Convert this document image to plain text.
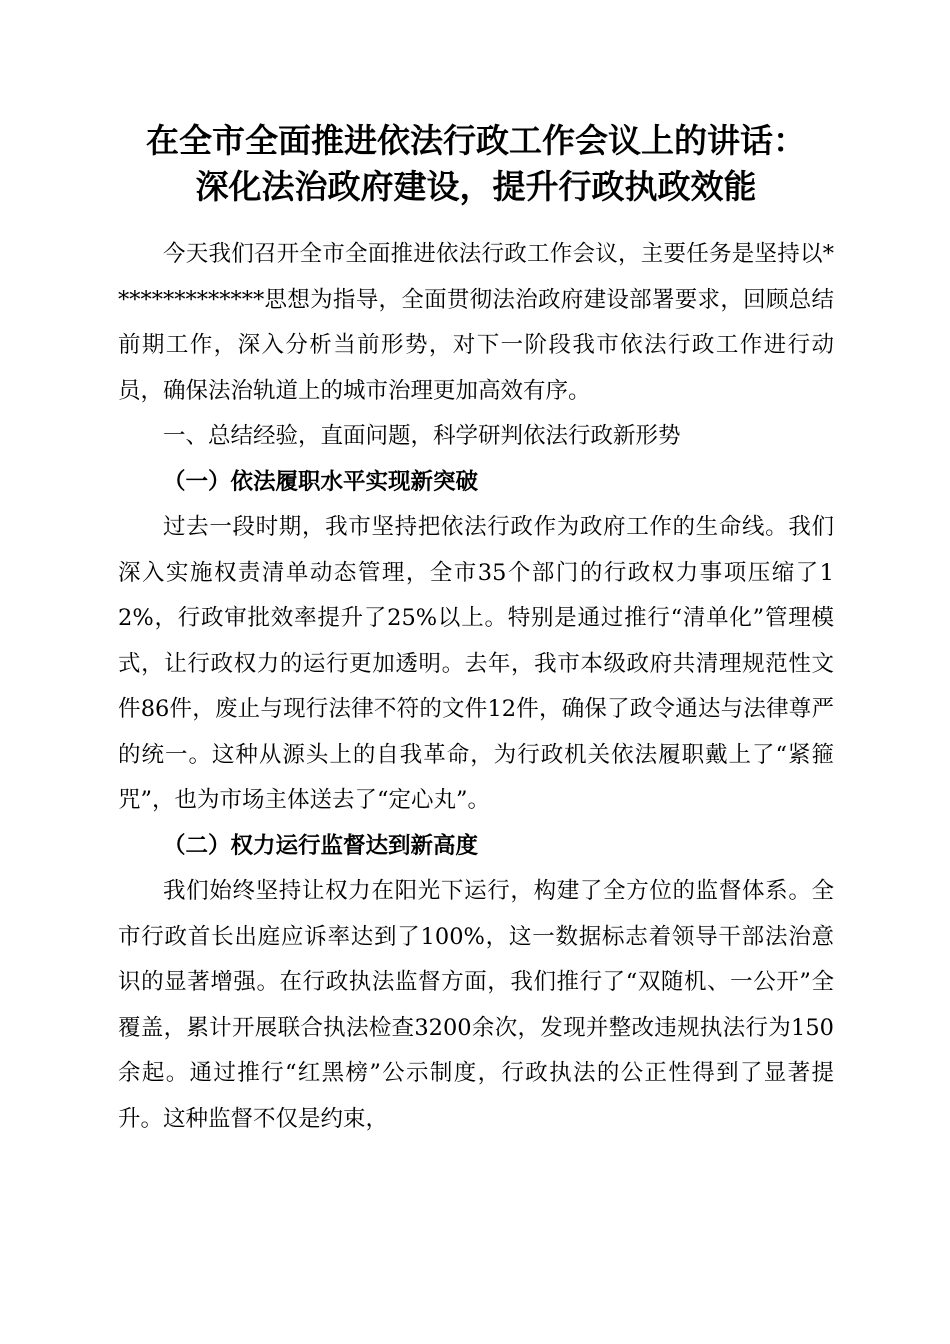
在全市全面推进依法行政工作会议上的讲话：
深化法治政府建设，提升行政执政效能

今天我们召开全市全面推进依法行政工作会议，主要任务是坚持以**************思想为指导，全面贯彻法治政府建设部署要求，回顾总结前期工作，深入分析当前形势，对下一阶段我市依法行政工作进行动员，确保法治轨道上的城市治理更加高效有序。

一、总结经验，直面问题，科学研判依法行政新形势

（一）依法履职水平实现新突破

过去一段时期，我市坚持把依法行政作为政府工作的生命线。我们深入实施权责清单动态管理，全市35个部门的行政权力事项压缩了12%，行政审批效率提升了25%以上。特别是通过推行“清单化”管理模式，让行政权力的运行更加透明。去年，我市本级政府共清理规范性文件86件，废止与现行法律不符的文件12件，确保了政令通达与法律尊严的统一。这种从源头上的自我革命，为行政机关依法履职戴上了“紧箍咒”，也为市场主体送去了“定心丸”。

（二）权力运行监督达到新高度

我们始终坚持让权力在阳光下运行，构建了全方位的监督体系。全市行政首长出庭应诉率达到了100%，这一数据标志着领导干部法治意识的显著增强。在行政执法监督方面，我们推行了“双随机、一公开”全覆盖，累计开展联合执法检查3200余次，发现并整改违规执法行为150余起。通过推行“红黑榜”公示制度，行政执法的公正性得到了显著提升。这种监督不仅是约束，
